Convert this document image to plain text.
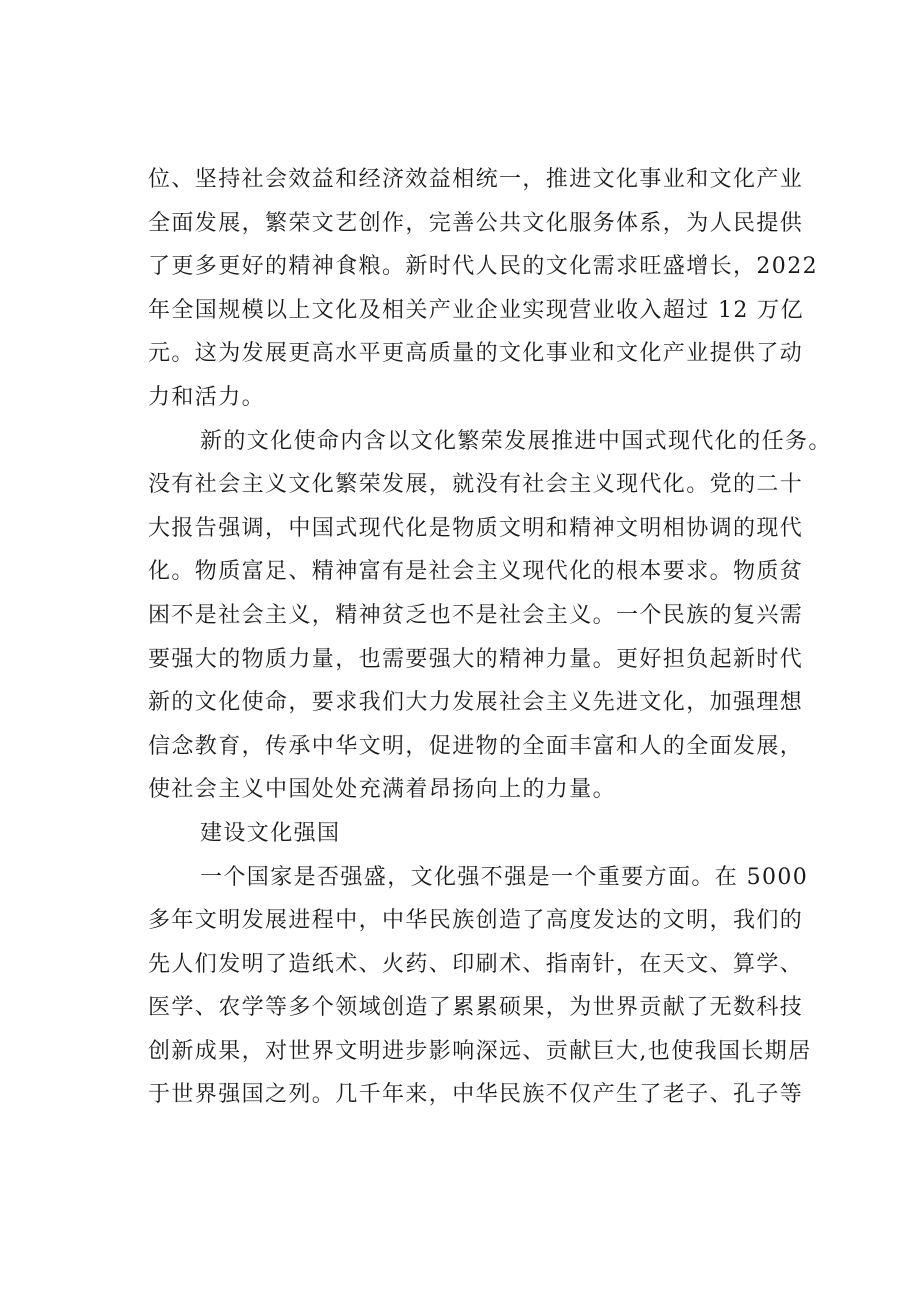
位、坚持社会效益和经济效益相统一，推进文化事业和文化产业
全面发展，繁荣文艺创作，完善公共文化服务体系，为人民提供
了更多更好的精神食粮。新时代人民的文化需求旺盛增长，2022
年全国规模以上文化及相关产业企业实现营业收入超过 12 万亿
元。这为发展更高水平更高质量的文化事业和文化产业提供了动
力和活力。
新的文化使命内含以文化繁荣发展推进中国式现代化的任务。
没有社会主义文化繁荣发展，就没有社会主义现代化。党的二十
大报告强调，中国式现代化是物质文明和精神文明相协调的现代
化。物质富足、精神富有是社会主义现代化的根本要求。物质贫
困不是社会主义，精神贫乏也不是社会主义。一个民族的复兴需
要强大的物质力量，也需要强大的精神力量。更好担负起新时代
新的文化使命，要求我们大力发展社会主义先进文化，加强理想
信念教育，传承中华文明，促进物的全面丰富和人的全面发展，
使社会主义中国处处充满着昂扬向上的力量。
建设文化强国
一个国家是否强盛，文化强不强是一个重要方面。在 5000
多年文明发展进程中，中华民族创造了高度发达的文明，我们的
先人们发明了造纸术、火药、印刷术、指南针，在天文、算学、
医学、农学等多个领域创造了累累硕果，为世界贡献了无数科技
创新成果，对世界文明进步影响深远、贡献巨大,也使我国长期居
于世界强国之列。几千年来，中华民族不仅产生了老子、孔子等
